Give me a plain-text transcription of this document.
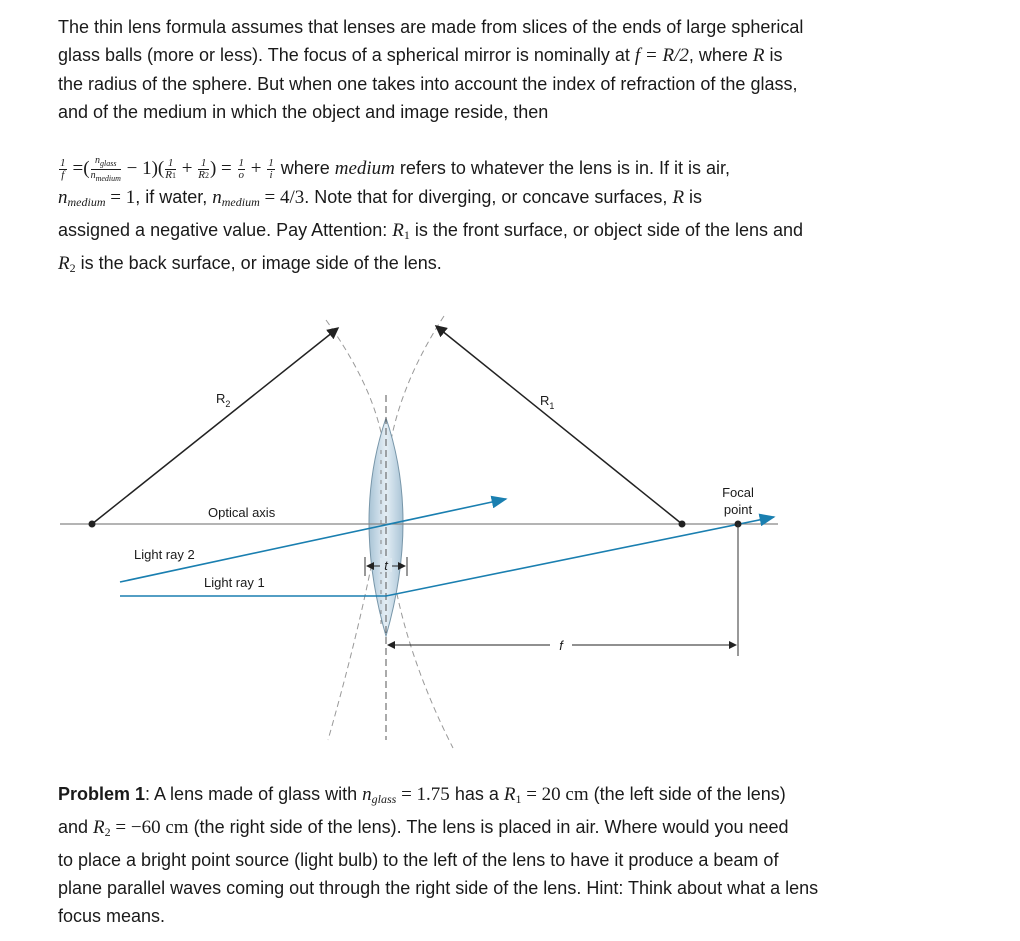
The thin lens formula assumes that lenses are made from slices of the ends of large spherical
glass balls (more or less). The focus of a spherical mirror is nominally at f = R/2, where R is
the radius of the sphere. But when one takes into account the index of refraction of the glass,
and of the medium in which the object and image reside, then
$\frac{1}{f}$ =( $\frac{n_{glass}}{n_{medium}} - 1)( \frac{1}{R1} + \frac{1}{R2}$ ) = $\frac{1}{o} + \frac{1}{i}$ where medium refers to whatever the lens is in. If it is air,
$n_{medium} = 1$, if water, $n_{medium} = 4/3$. Note that for diverging, or concave surfaces, R is
assigned a negative value. Pay Attention: $R_1$ is the front surface, or object side of the lens and
$R_2$ is the back surface, or image side of the lens.
f
t
$R_2$	$R_1$
Optical axis
Light ray 2
Light ray 1
Focal
point
Problem 1: A lens made of glass with $n_{glass} = 1.75$ has a $R_1 = 20$ cm (the left side of the lens)
and $R_2 = -60$ cm (the right side of the lens). The lens is placed in air. Where would you need
to place a bright point source (light bulb) to the left of the lens to have it produce a beam of
plane parallel waves coming out through the right side of the lens. Hint: Think about what a lens
focus means.
